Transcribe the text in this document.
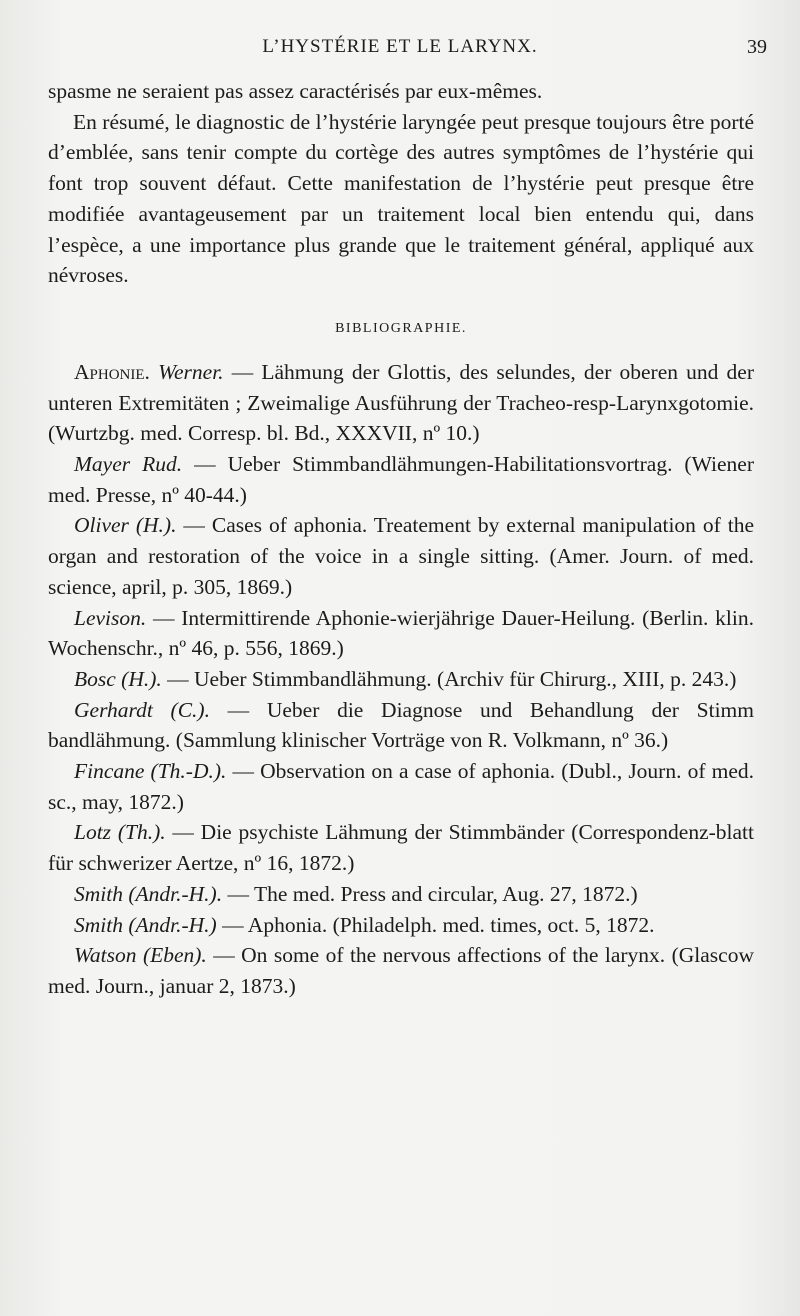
L’HYSTÉRIE ET LE LARYNX.	39

spasme ne seraient pas assez caractérisés par eux-mêmes.

En résumé, le diagnostic de l’hystérie laryngée peut presque toujours être porté d’emblée, sans tenir compte du cortège des autres symptômes de l’hystérie qui font trop souvent défaut. Cette manifestation de l’hystérie peut presque être modifiée avantageusement par un traitement local bien entendu qui, dans l’espèce, a une importance plus grande que le traitement général, appliqué aux névroses.

BIBLIOGRAPHIE.

Aphonie. Werner. — Lähmung der Glottis, des selundes, der oberen und der unteren Extremitäten ; Zweimalige Ausführung der Tracheo-resp-Larynxgotomie. (Wurtzbg. med. Corresp. bl. Bd., XXXVII, nº 10.)

Mayer Rud. — Ueber Stimmbandlähmungen-Habilitationsvortrag. (Wiener med. Presse, nº 40-44.)

Oliver (H.). — Cases of aphonia. Treatement by external manipulation of the organ and restoration of the voice in a single sitting. (Amer. Journ. of med. science, april, p. 305, 1869.)

Levison. — Intermittirende Aphonie-wierjährige Dauer-Heilung. (Berlin. klin. Wochenschr., nº 46, p. 556, 1869.)

Bosc (H.). — Ueber Stimmbandlähmung. (Archiv für Chirurg., XIII, p. 243.)

Gerhardt (C.). — Ueber die Diagnose und Behandlung der Stimm bandlähmung. (Sammlung klinischer Vorträge von R. Volkmann, nº 36.)

Fincane (Th.-D.). — Observation on a case of aphonia. (Dubl., Journ. of med. sc., may, 1872.)

Lotz (Th.). — Die psychiste Lähmung der Stimmbänder (Correspondenz-blatt für schwerizer Aertze, nº 16, 1872.)

Smith (Andr.-H.). — The med. Press and circular, Aug. 27, 1872.)

Smith (Andr.-H.) — Aphonia. (Philadelph. med. times, oct. 5, 1872.

Watson (Eben). — On some of the nervous affections of the larynx. (Glascow med. Journ., januar 2, 1873.)
